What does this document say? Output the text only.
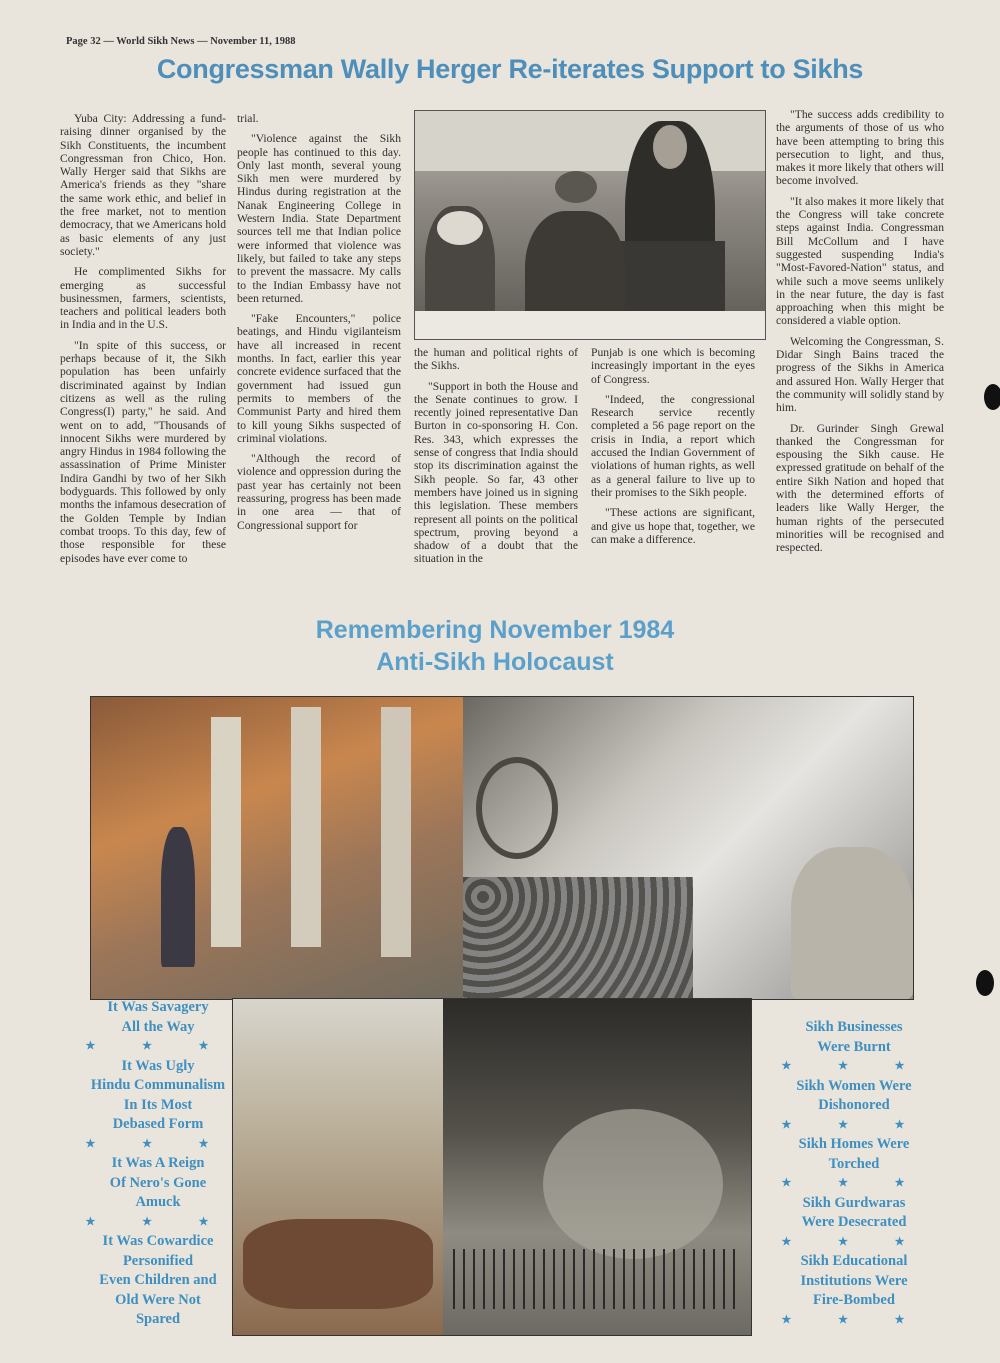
Page 32 — World Sikh News — November 11, 1988
Congressman Wally Herger Re-iterates Support to Sikhs

Yuba City: Addressing a fund-raising dinner organised by the Sikh Constituents, the incumbent Congressman fron Chico, Hon. Wally Herger said that Sikhs are America's friends as they "share the same work ethic, and belief in the free market, not to mention democracy, that we Americans hold as basic elements of any just society."

He complimented Sikhs for emerging as successful businessmen, farmers, scientists, teachers and political leaders both in India and in the U.S.

"In spite of this success, or perhaps because of it, the Sikh population has been unfairly discriminated against by Indian citizens as well as the ruling Congress(I) party," he said. And went on to add, "Thousands of innocent Sikhs were murdered by angry Hindus in 1984 following the assassination of Prime Minister Indira Gandhi by two of her Sikh bodyguards. This followed by only months the infamous desecration of the Golden Temple by Indian combat troops. To this day, few of those responsible for these episodes have ever come to

trial.

"Violence against the Sikh people has continued to this day. Only last month, several young Sikh men were murdered by Hindus during registration at the Nanak Engineering College in Western India. State Department sources tell me that Indian police were informed that violence was likely, but failed to take any steps to prevent the massacre. My calls to the Indian Embassy have not been returned.

"Fake Encounters," police beatings, and Hindu vigilanteism have all increased in recent months. In fact, earlier this year concrete evidence surfaced that the government had issued gun permits to members of the Communist Party and hired them to kill young Sikhs suspected of criminal violations.

"Although the record of violence and oppression during the past year has certainly not been reassuring, progress has been made in one area — that of Congressional support for

the human and political rights of the Sikhs.

"Support in both the House and the Senate continues to grow. I recently joined representative Dan Burton in co-sponsoring H. Con. Res. 343, which expresses the sense of congress that India should stop its discrimination against the Sikh people. So far, 43 other members have joined us in signing this legislation. These members represent all points on the political spectrum, proving beyond a shadow of a doubt that the situation in the

Punjab is one which is becoming increasingly important in the eyes of Congress.

"Indeed, the congressional Research service recently completed a 56 page report on the crisis in India, a report which accused the Indian Government of violations of human rights, as well as a general failure to live up to their promises to the Sikh people.

"These actions are significant, and give us hope that, together, we can make a difference.

"The success adds credibility to the arguments of those of us who have been attempting to bring this persecution to light, and thus, makes it more likely that others will become involved.

"It also makes it more likely that the Congress will take concrete steps against India. Congressman Bill McCollum and I have suggested suspending India's "Most-Favored-Nation" status, and while such a move seems unlikely in the near future, the day is fast approaching when this might be considered a viable option.

Welcoming the Congressman, S. Didar Singh Bains traced the progress of the Sikhs in America and assured Hon. Wally Herger that the community will solidly stand by him.

Dr. Gurinder Singh Grewal thanked the Congressman for espousing the Sikh cause. He expressed gratitude on behalf of the entire Sikh Nation and hoped that with the determined efforts of leaders like Wally Herger, the human rights of the persecuted minorities will be recognised and respected.

Remembering November 1984
Anti-Sikh Holocaust
It Was Savagery
All the Way
★ ★ ★
It Was Ugly
Hindu Communalism
In Its Most
Debased Form
★ ★ ★
It Was A Reign
Of Nero's Gone
Amuck
★ ★ ★
It Was Cowardice
Personified
Even Children and
Old Were Not
Spared
Sikh Businesses
Were Burnt
★ ★ ★
Sikh Women Were
Dishonored
★ ★ ★
Sikh Homes Were
Torched
★ ★ ★
Sikh Gurdwaras
Were Desecrated
★ ★ ★
Sikh Educational
Institutions Were
Fire-Bombed
★ ★ ★
